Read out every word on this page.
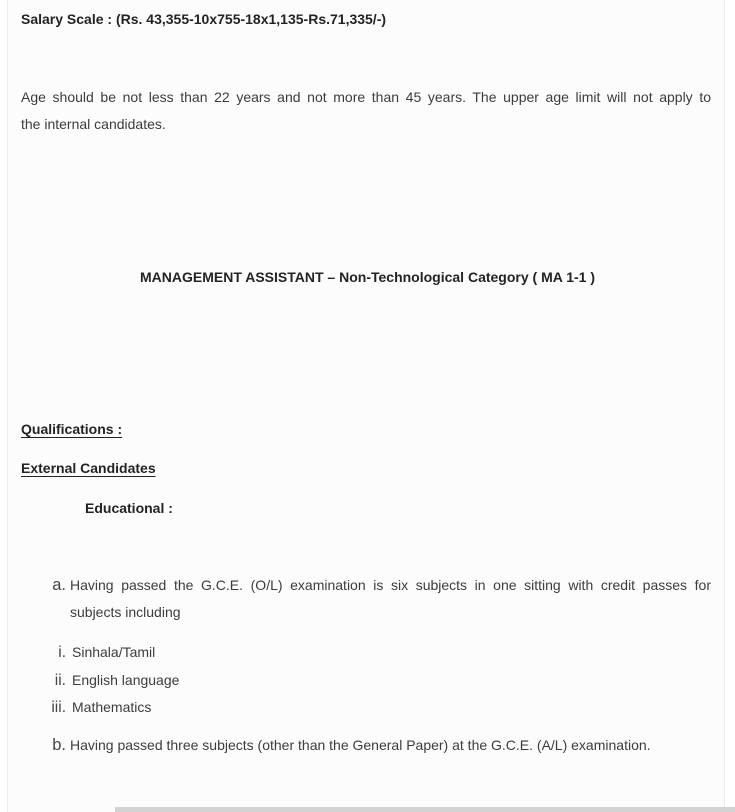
Salary Scale : (Rs. 43,355-10x755-18x1,135-Rs.71,335/-)
Age should be not less than 22 years and not more than 45 years. The upper age limit will not apply to
the internal candidates.
MANAGEMENT ASSISTANT – Non-Technological Category ( MA 1-1 )
Qualifications :
External Candidates
Educational :
a. Having passed the G.C.E. (O/L) examination is six subjects in one sitting with credit passes for
subjects including
i. Sinhala/Tamil
ii. English language
iii. Mathematics
b. Having passed three subjects (other than the General Paper) at the G.C.E. (A/L) examination.
